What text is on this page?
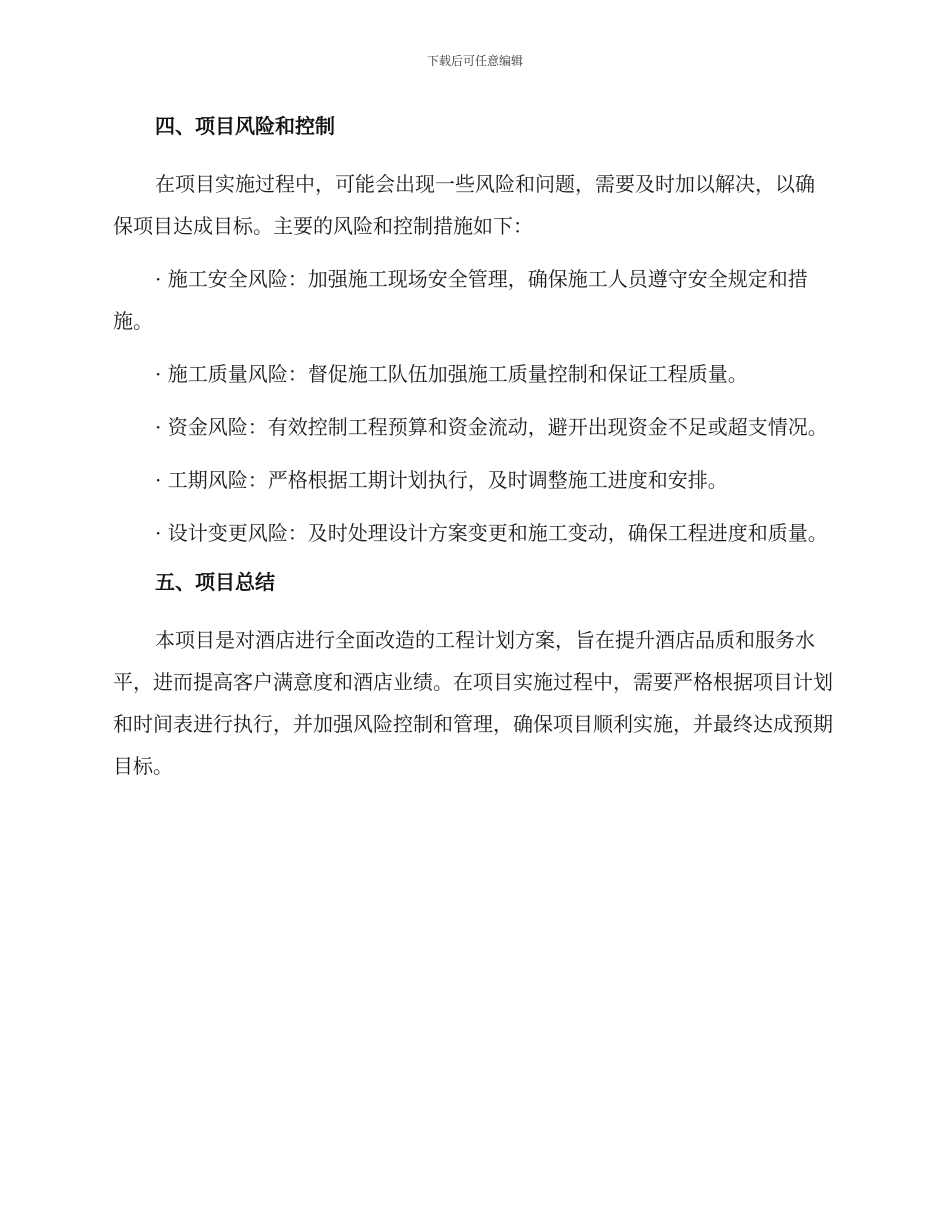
下载后可任意编辑
四、项目风险和控制

在项目实施过程中，可能会出现一些风险和问题，需要及时加以解决，以确保项目达成目标。主要的风险和控制措施如下：

· 施工安全风险：加强施工现场安全管理，确保施工人员遵守安全规定和措施。

· 施工质量风险：督促施工队伍加强施工质量控制和保证工程质量。

· 资金风险：有效控制工程预算和资金流动，避开出现资金不足或超支情况。

· 工期风险：严格根据工期计划执行，及时调整施工进度和安排。

· 设计变更风险：及时处理设计方案变更和施工变动，确保工程进度和质量。

五、项目总结

本项目是对酒店进行全面改造的工程计划方案，旨在提升酒店品质和服务水平，进而提高客户满意度和酒店业绩。在项目实施过程中，需要严格根据项目计划和时间表进行执行，并加强风险控制和管理，确保项目顺利实施，并最终达成预期目标。
